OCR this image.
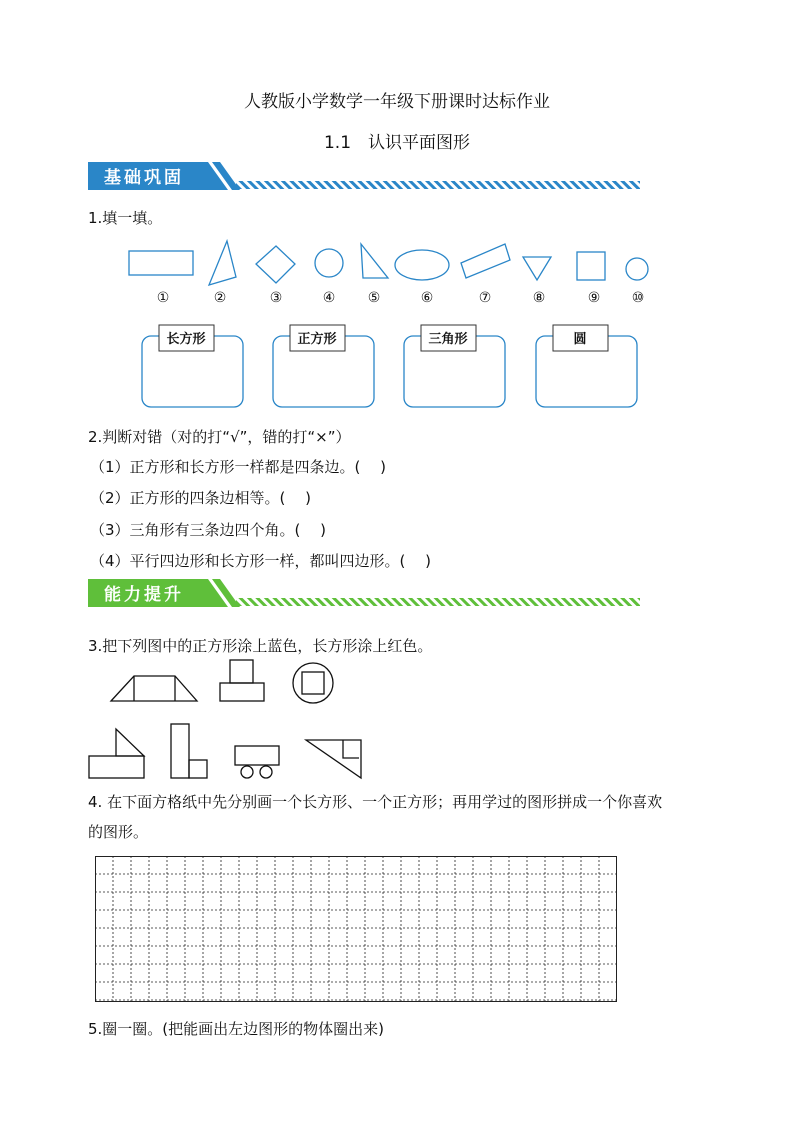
人教版小学数学一年级下册课时达标作业
1.1　认识平面图形
基础巩固
1.填一填。
①	②	③	④ ⑤	⑥	⑦	⑧	⑨ ⑩
长方形	正方形	三角形	圆
2.判断对错（对的打“√”，错的打“×”）
（1）正方形和长方形一样都是四条边。(　 )
（2）正方形的四条边相等。(　 )
（3）三角形有三条边四个角。(　 )
（4）平行四边形和长方形一样，都叫四边形。(　 )
能力提升
3.把下列图中的正方形涂上蓝色，长方形涂上红色。
4. 在下面方格纸中先分别画一个长方形、一个正方形；再用学过的图形拼成一个你喜欢
的图形。
5.圈一圈。(把能画出左边图形的物体圈出来)
